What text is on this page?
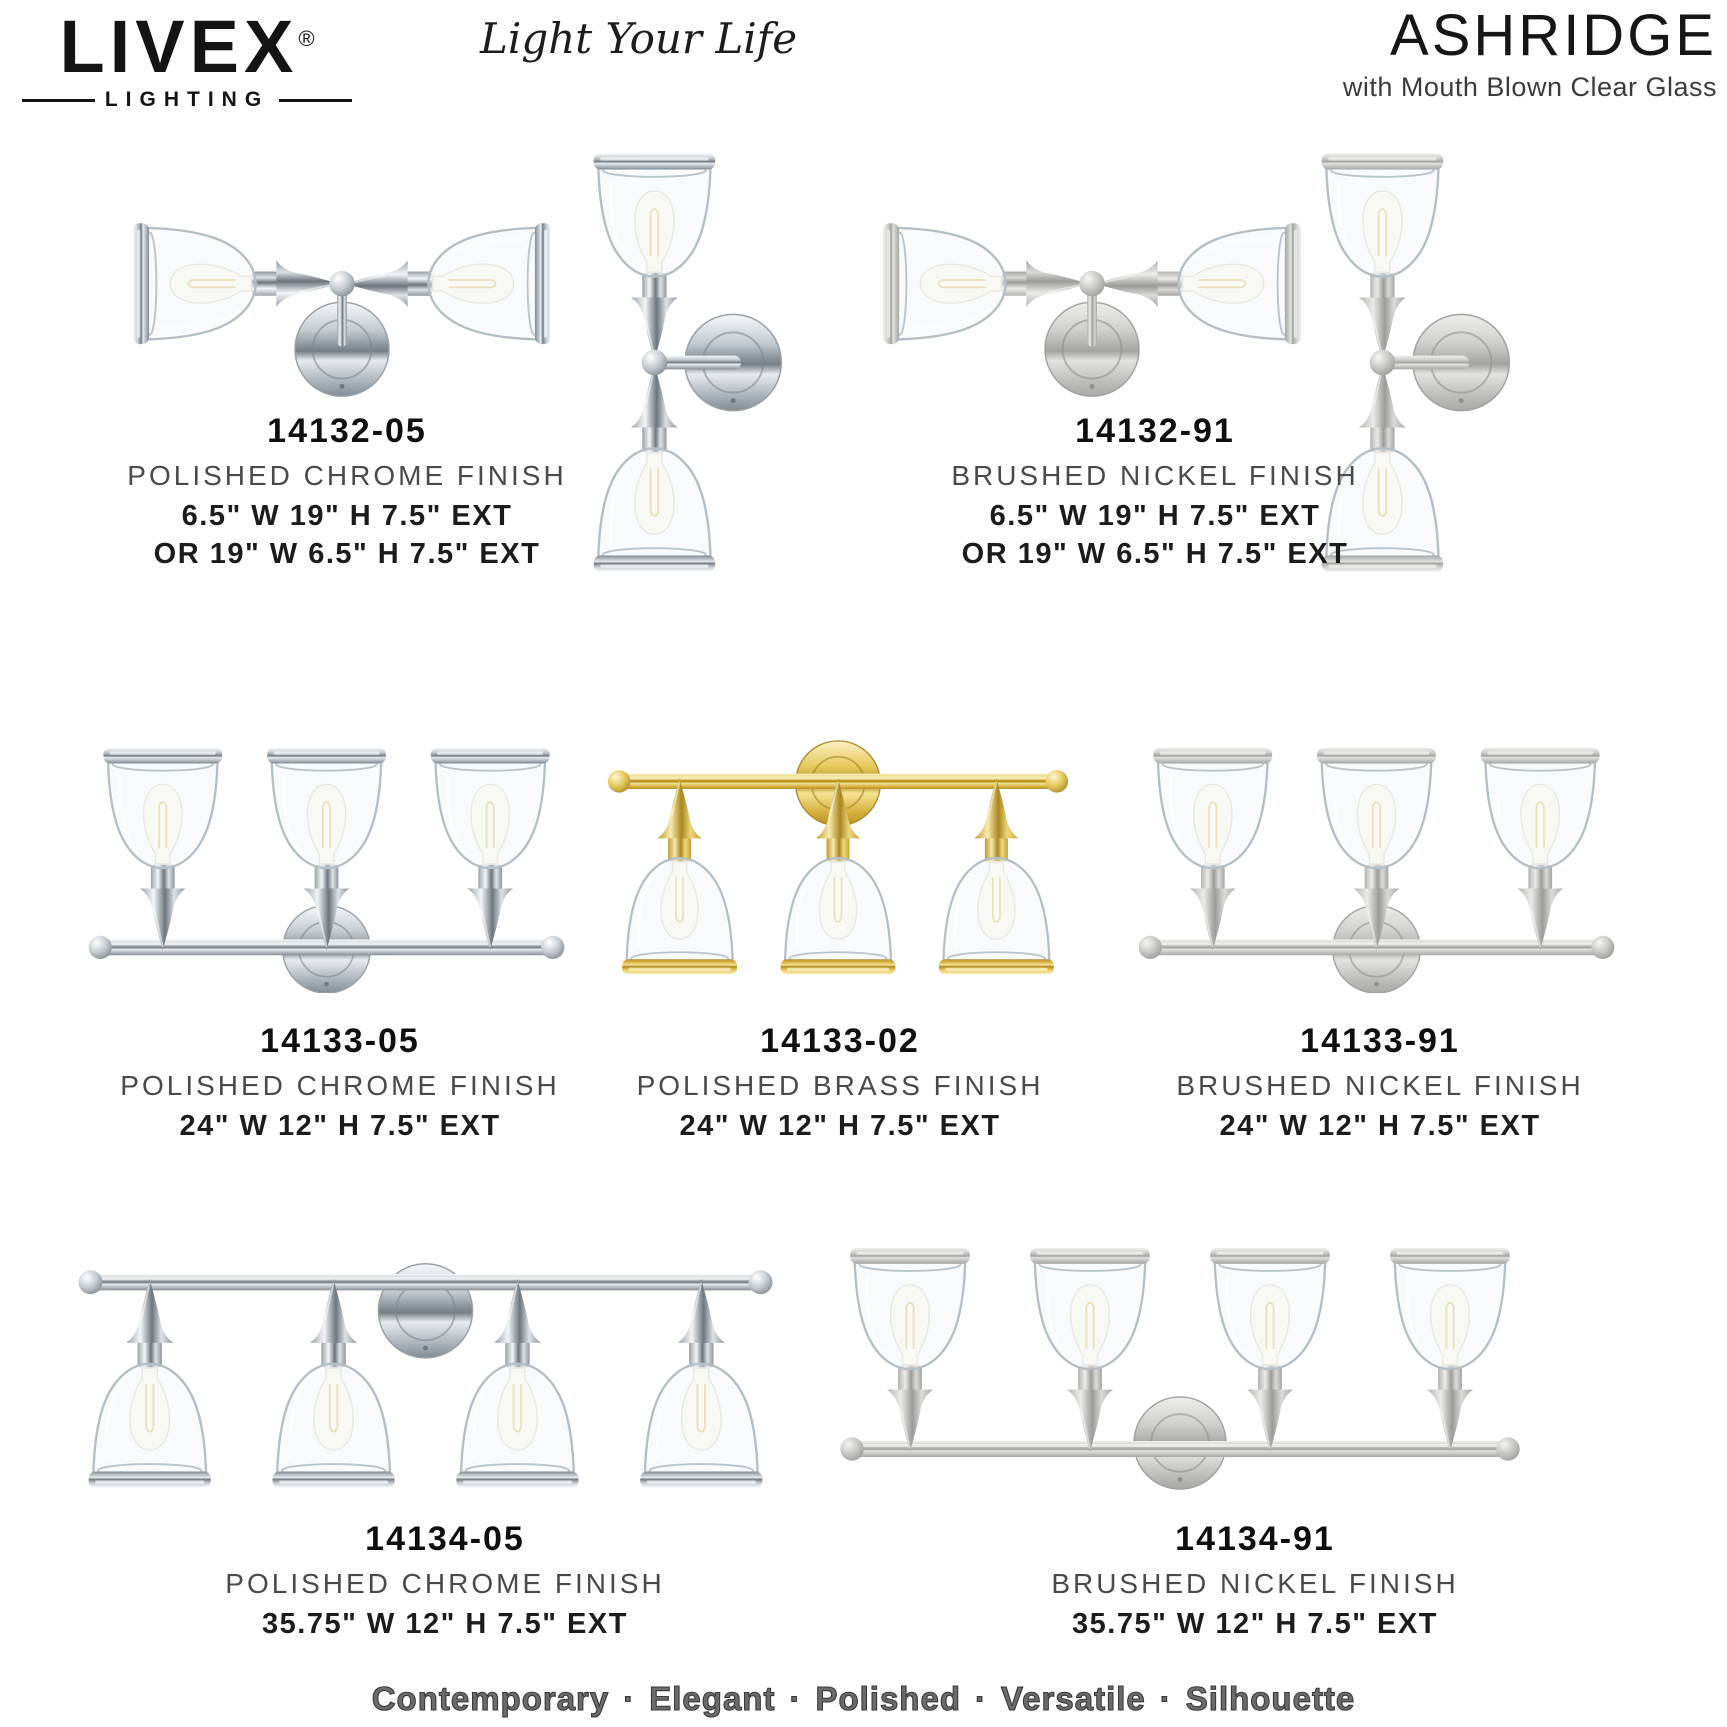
LIVEX®
LIGHTING
Light Your Life	ASHRIDGE
with Mouth Blown Clear Glass
14132-05
POLISHED CHROME FINISH
6.5" W 19" H 7.5" EXT
OR 19" W 6.5" H 7.5" EXT
14132-91
BRUSHED NICKEL FINISH
6.5" W 19" H 7.5" EXT
OR 19" W 6.5" H 7.5" EXT
14133-05
POLISHED CHROME FINISH
24" W 12" H 7.5" EXT
14133-02
POLISHED BRASS FINISH
24" W 12" H 7.5" EXT
14133-91
BRUSHED NICKEL FINISH
24" W 12" H 7.5" EXT
14134-05
POLISHED CHROME FINISH
35.75" W 12" H 7.5" EXT
14134-91
BRUSHED NICKEL FINISH
35.75" W 12" H 7.5" EXT
Contemporary · Elegant · Polished · Versatile · Silhouette
